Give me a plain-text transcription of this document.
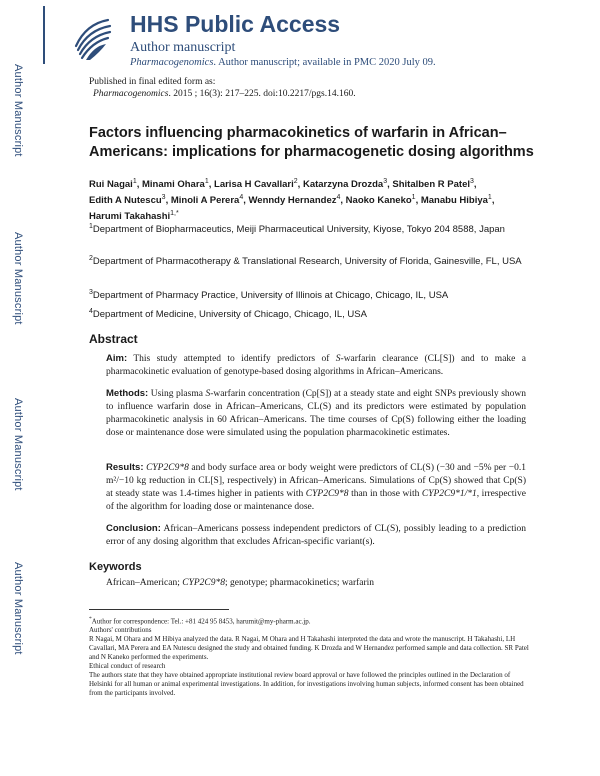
Author Manuscript
Author Manuscript
Author Manuscript
Author Manuscript
HHS Public Access
Author manuscript
Pharmacogenomics. Author manuscript; available in PMC 2020 July 09.
Published in final edited form as:
Pharmacogenomics. 2015 ; 16(3): 217–225. doi:10.2217/pgs.14.160.
Factors influencing pharmacokinetics of warfarin in African–
Americans: implications for pharmacogenetic dosing algorithms
Rui Nagai$^1$, Minami Ohara$^1$, Larisa H Cavallari$^2$, Katarzyna Drozda$^3$, Shitalben R Patel$^3$,
Edith A Nutescu$^3$, Minoli A Perera$^4$, Wenndy Hernandez$^4$, Naoko Kaneko$^1$, Manabu Hibiya$^1$,
Harumi Takahashi$^{1,*}$
$^1$Department of Biopharmaceutics, Meiji Pharmaceutical University, Kiyose, Tokyo 204 8588, Japan
$^2$Department of Pharmacotherapy & Translational Research, University of Florida, Gainesville, FL, USA
$^3$Department of Pharmacy Practice, University of Illinois at Chicago, Chicago, IL, USA
$^4$Department of Medicine, University of Chicago, Chicago, IL, USA
Abstract
Aim: This study attempted to identify predictors of S-warfarin clearance (CL[S]) and to make a pharmacokinetic evaluation of genotype-based dosing algorithms in African–Americans.
Methods: Using plasma S-warfarin concentration (Cp[S]) at a steady state and eight SNPs previously shown to influence warfarin dose in African–Americans, CL(S) and its predictors were estimated by population pharmacokinetic analysis in 60 African–Americans. The time courses of Cp(S) following either the loading dose or maintenance dose were simulated using the population pharmacokinetic estimates.
Results: CYP2C9*8 and body surface area or body weight were predictors of CL(S) (−30 and −5% per −0.1 m²/−10 kg reduction in CL[S], respectively) in African–Americans. Simulations of Cp(S) showed that Cp(S) at steady state was 1.4-times higher in patients with CYP2C9*8 than in those with CYP2C9*1/*1, irrespective of the algorithm for loading dose or maintenance dose.
Conclusion: African–Americans possess independent predictors of CL(S), possibly leading to a prediction error of any dosing algorithm that excludes African-specific variant(s).
Keywords
African–American; CYP2C9*8; genotype; pharmacokinetics; warfarin

*Author for correspondence: Tel.: +81 424 95 8453, harumit@my-pharm.ac.jp.

Authors' contributions

R Nagai, M Ohara and M Hibiya analyzed the data. R Nagai, M Ohara and H Takahashi interpreted the data and wrote the manuscript. H Takahashi, LH Cavallari, MA Perera and EA Nutescu designed the study and obtained funding. K Drozda and W Hernandez performed sample and data collection. SR Patel and N Kaneko performed the experiments.

Ethical conduct of research

The authors state that they have obtained appropriate institutional review board approval or have followed the principles outlined in the Declaration of Helsinki for all human or animal experimental investigations. In addition, for investigations involving human subjects, informed consent has been obtained from the participants involved.
